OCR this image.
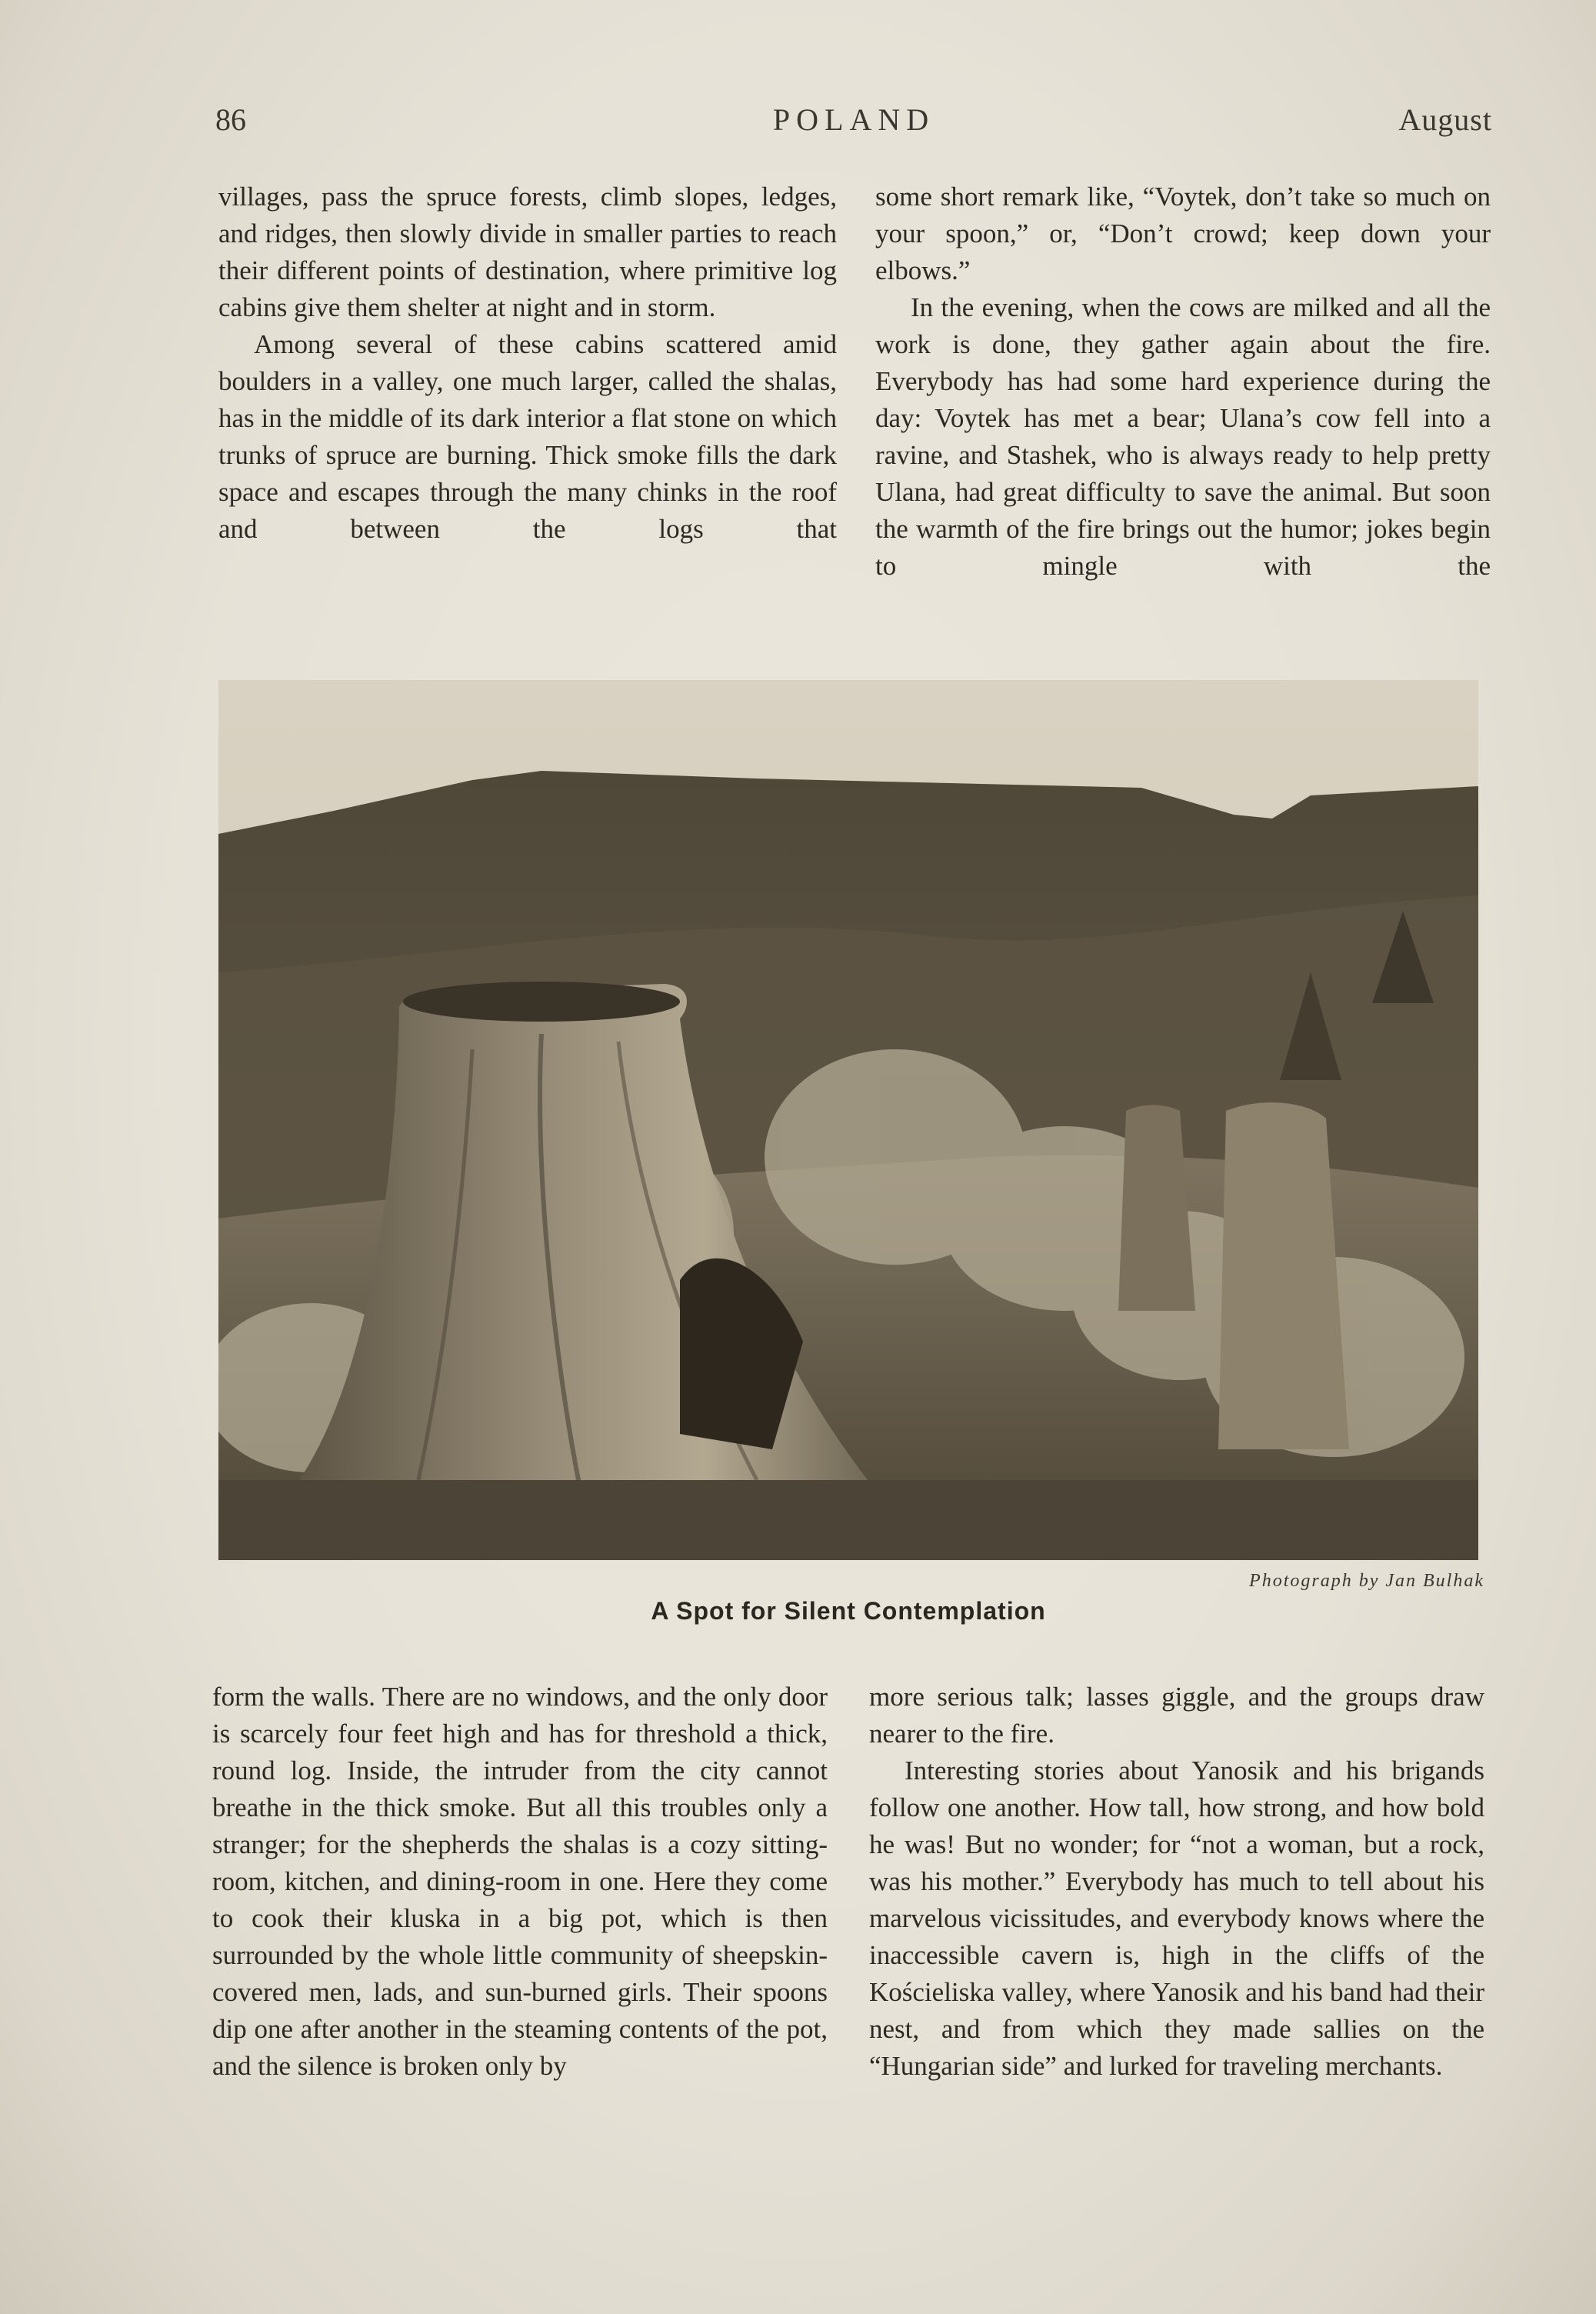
86	POLAND	August

villages, pass the spruce forests, climb slopes, ledges, and ridges, then slowly divide in smaller parties to reach their different points of destination, where primitive log cabins give them shelter at night and in storm.

Among several of these cabins scattered amid boulders in a valley, one much larger, called the shalas, has in the middle of its dark interior a flat stone on which trunks of spruce are burning. Thick smoke fills the dark space and escapes through the many chinks in the roof and between the logs that

some short remark like, “Voytek, don’t take so much on your spoon,” or, “Don’t crowd; keep down your elbows.”

In the evening, when the cows are milked and all the work is done, they gather again about the fire. Everybody has had some hard experience during the day: Voytek has met a bear; Ulana’s cow fell into a ravine, and Stashek, who is always ready to help pretty Ulana, had great difficulty to save the animal. But soon the warmth of the fire brings out the humor; jokes begin to mingle with the

Photograph by Jan Bulhak
A Spot for Silent Contemplation

form the walls. There are no windows, and the only door is scarcely four feet high and has for threshold a thick, round log. Inside, the intruder from the city cannot breathe in the thick smoke. But all this troubles only a stranger; for the shepherds the shalas is a cozy sitting-room, kitchen, and dining-room in one. Here they come to cook their kluska in a big pot, which is then surrounded by the whole little community of sheepskin-covered men, lads, and sun-burned girls. Their spoons dip one after another in the steaming contents of the pot, and the silence is broken only by

more serious talk; lasses giggle, and the groups draw nearer to the fire.

Interesting stories about Yanosik and his brigands follow one another. How tall, how strong, and how bold he was! But no wonder; for “not a woman, but a rock, was his mother.” Everybody has much to tell about his marvelous vicissitudes, and everybody knows where the inaccessible cavern is, high in the cliffs of the Kościeliska valley, where Yanosik and his band had their nest, and from which they made sallies on the “Hungarian side” and lurked for traveling merchants.
